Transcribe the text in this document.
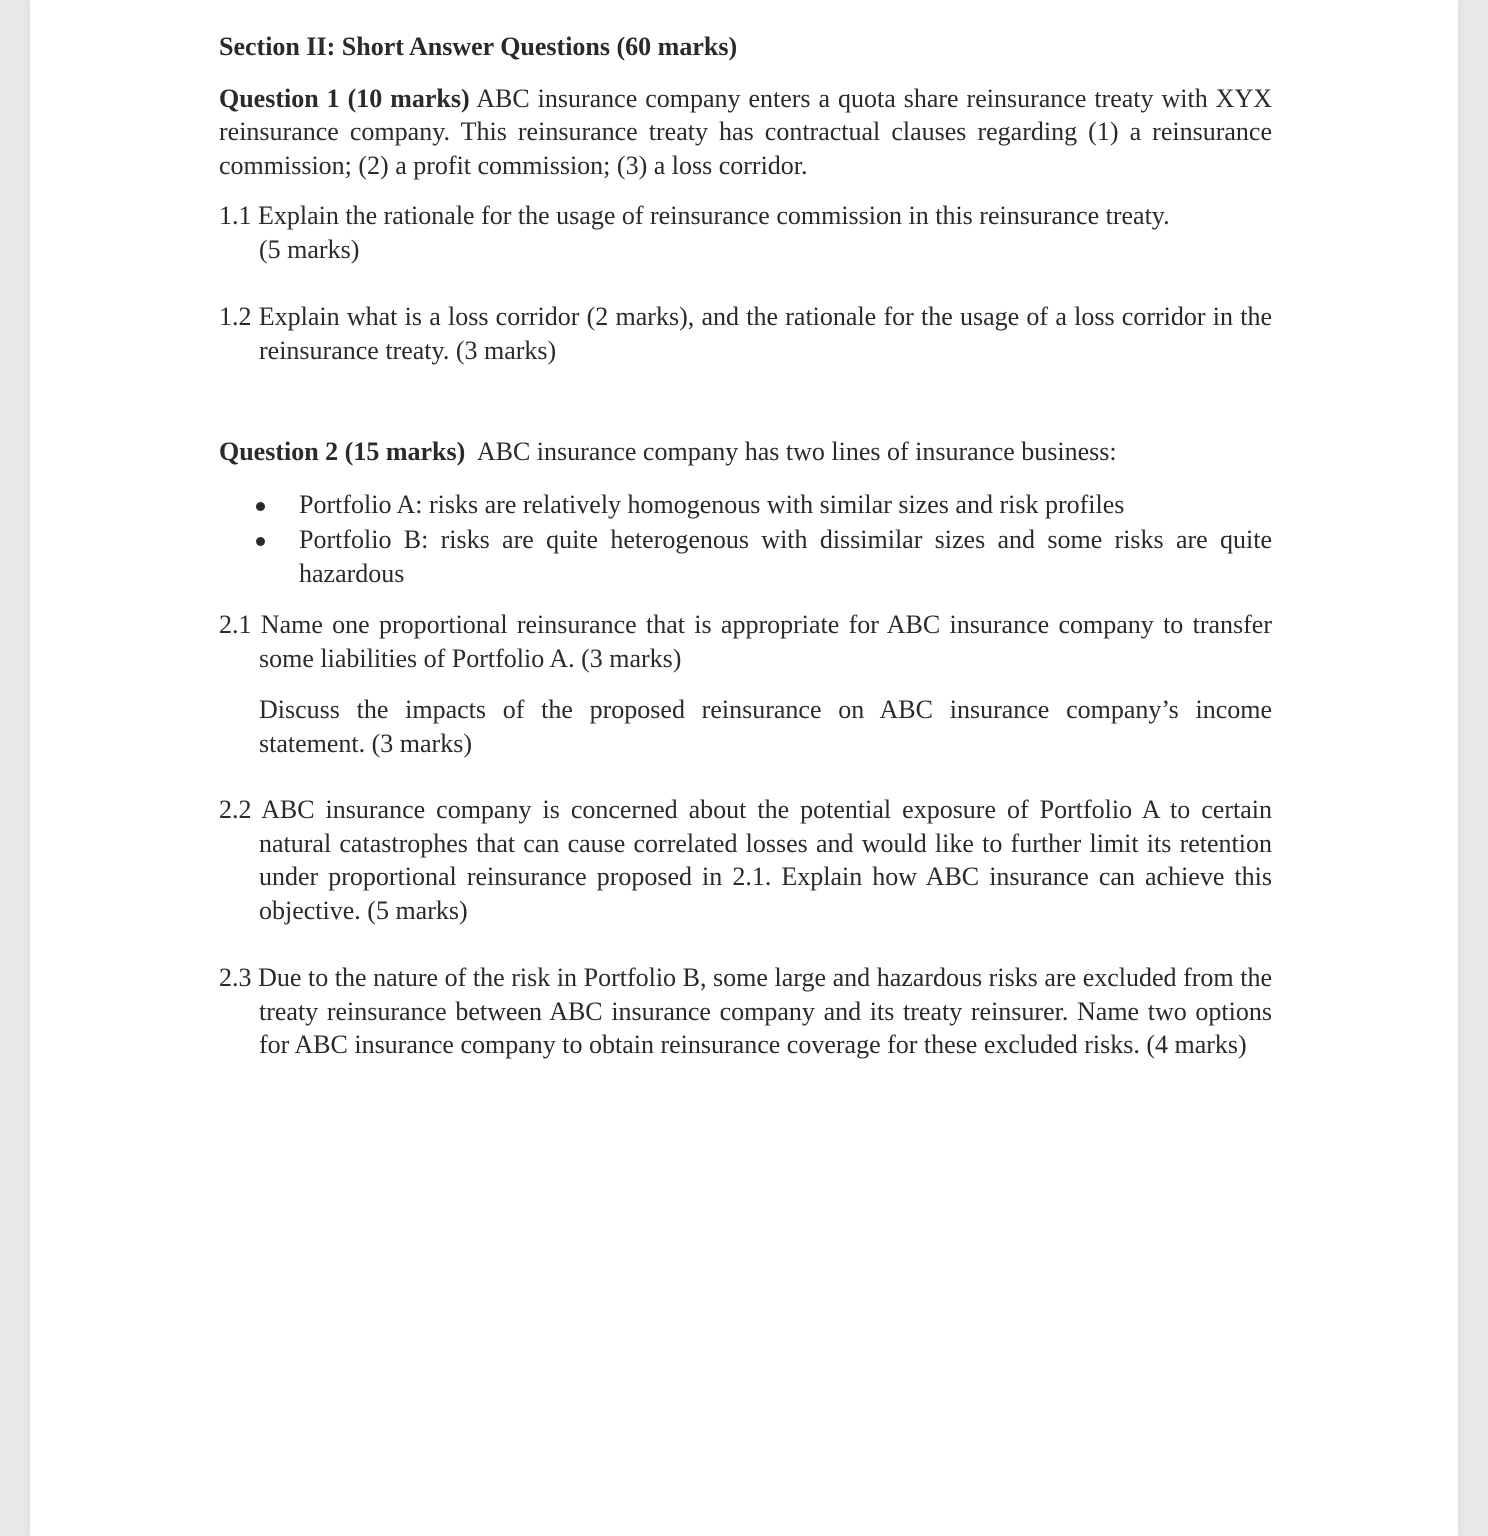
Section II: Short Answer Questions (60 marks)

Question 1 (10 marks) ABC insurance company enters a quota share reinsurance treaty with XYX reinsurance company. This reinsurance treaty has contractual clauses regarding (1) a reinsurance commission; (2) a profit commission; (3) a loss corridor.

1.1 Explain the rationale for the usage of reinsurance commission in this reinsurance treaty.

(5 marks)

1.2 Explain what is a loss corridor (2 marks), and the rationale for the usage of a loss corridor in the reinsurance treaty. (3 marks)

Question 2 (15 marks)  ABC insurance company has two lines of insurance business:

Portfolio A: risks are relatively homogenous with similar sizes and risk profiles
Portfolio B: risks are quite heterogenous with dissimilar sizes and some risks are quite hazardous

2.1 Name one proportional reinsurance that is appropriate for ABC insurance company to transfer some liabilities of Portfolio A. (3 marks)

Discuss the impacts of the proposed reinsurance on ABC insurance company’s income statement. (3 marks)

2.2 ABC insurance company is concerned about the potential exposure of Portfolio A to certain natural catastrophes that can cause correlated losses and would like to further limit its retention under proportional reinsurance proposed in 2.1. Explain how ABC insurance can achieve this objective. (5 marks)

2.3 Due to the nature of the risk in Portfolio B, some large and hazardous risks are excluded from the treaty reinsurance between ABC insurance company and its treaty reinsurer. Name two options for ABC insurance company to obtain reinsurance coverage for these excluded risks. (4 marks)
